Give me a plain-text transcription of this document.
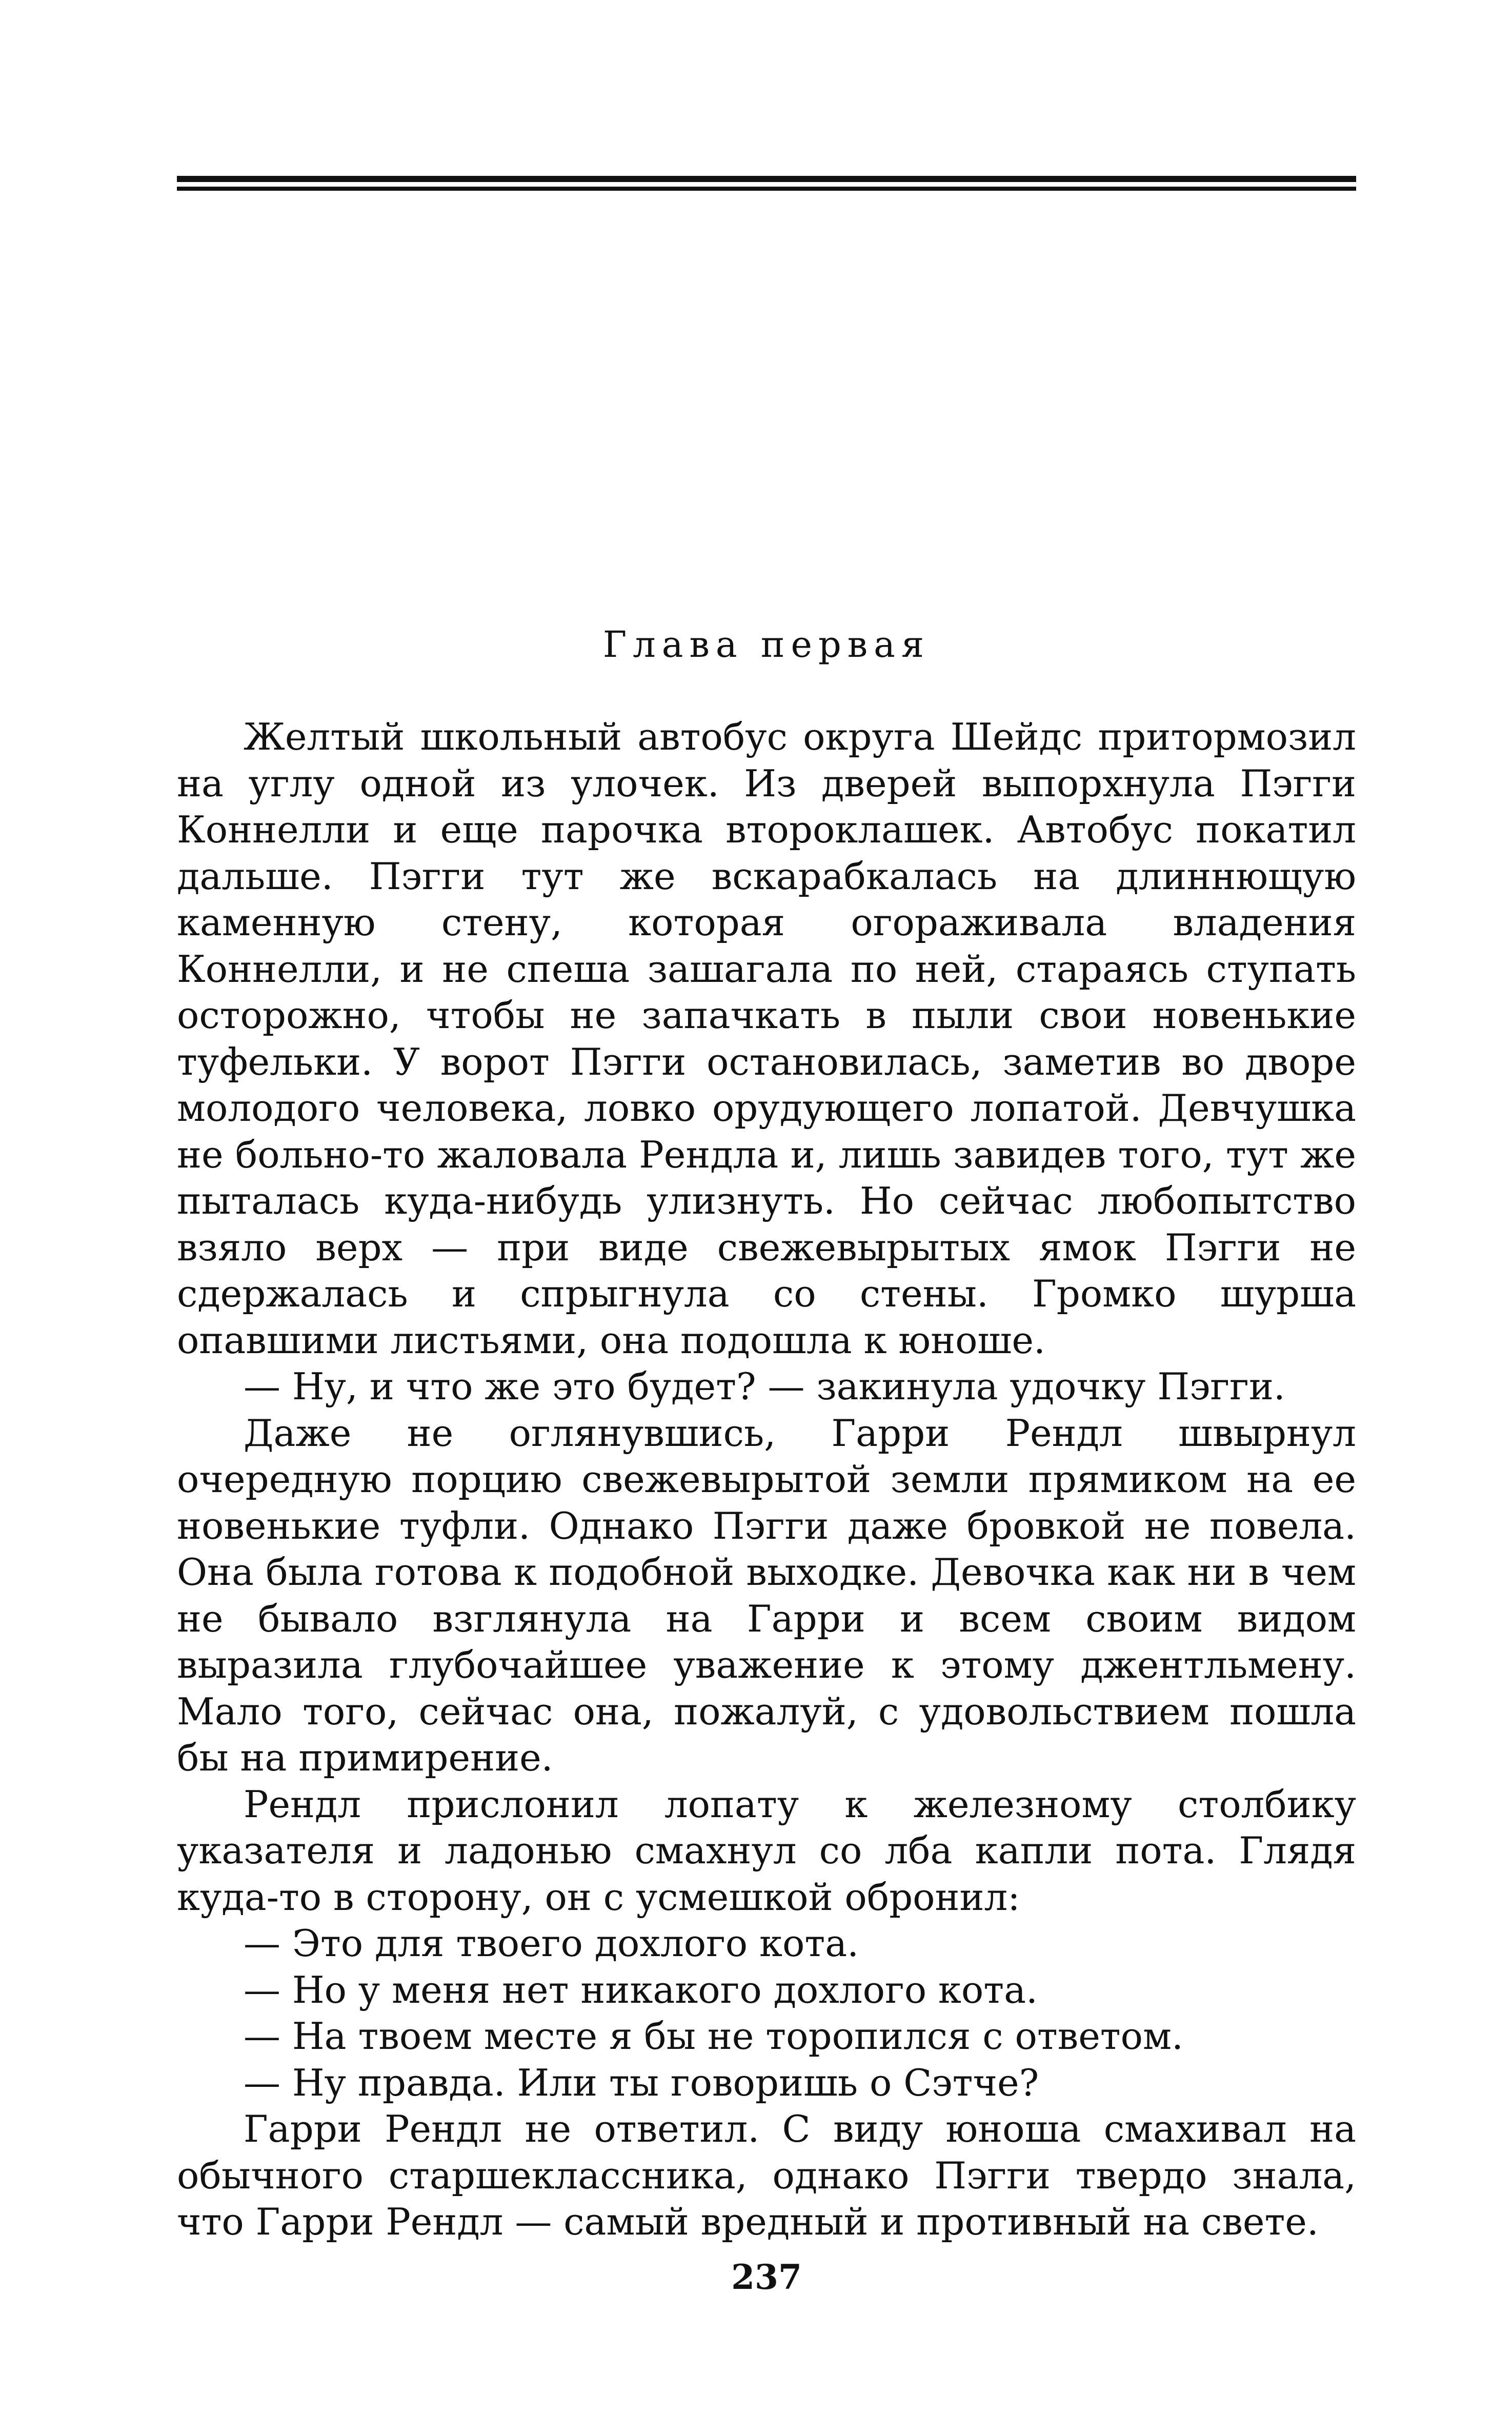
Глава первая

Желтый школьный автобус округа Шейдс притормозил на углу одной из улочек. Из дверей выпорхнула Пэгги Коннелли и еще парочка второклашек. Автобус покатил дальше. Пэгги тут же вскарабкалась на длиннющую каменную стену, которая огораживала владения Коннелли, и не спеша зашагала по ней, стараясь ступать осторожно, чтобы не запачкать в пыли свои новенькие туфельки. У ворот Пэгги остановилась, заметив во дворе молодого человека, ловко орудующего лопатой. Девчушка не больно-то жаловала Рендла и, лишь завидев того, тут же пыталась куда-нибудь улизнуть. Но сейчас любопытство взяло верх — при виде свежевырытых ямок Пэгги не сдержалась и спрыгнула со стены. Громко шурша опавшими листьями, она подошла к юноше.

— Ну, и что же это будет? — закинула удочку Пэгги.

Даже не оглянувшись, Гарри Рендл швырнул очередную порцию свежевырытой земли прямиком на ее новенькие туфли. Однако Пэгги даже бровкой не повела. Она была готова к подобной выходке. Девочка как ни в чем не бывало взглянула на Гарри и всем своим видом выразила глубочайшее уважение к этому джентльмену. Мало того, сейчас она, пожалуй, с удовольствием пошла бы на примирение.

Рендл прислонил лопату к железному столбику указателя и ладонью смахнул со лба капли пота. Глядя куда-то в сторону, он с усмешкой обронил:

— Это для твоего дохлого кота.

— Но у меня нет никакого дохлого кота.

— На твоем месте я бы не торопился с ответом.

— Ну правда. Или ты говоришь о Сэтче?

Гарри Рендл не ответил. С виду юноша смахивал на обычного старшеклассника, однако Пэгги твердо знала, что Гарри Рендл — самый вредный и противный на свете.

237
